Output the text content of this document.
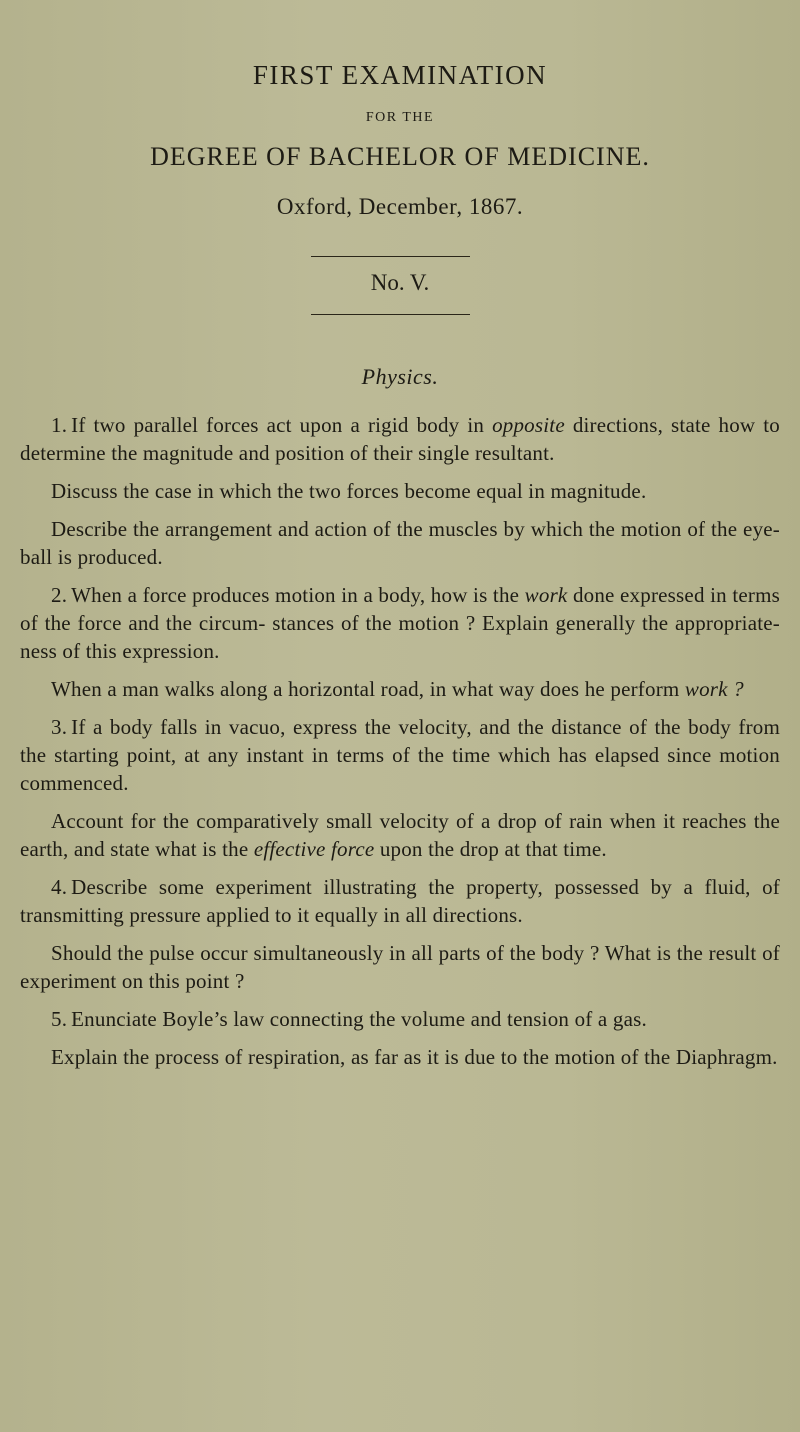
FIRST EXAMINATION
FOR THE
DEGREE OF BACHELOR OF MEDICINE.
Oxford, December, 1867.
No. V.
Physics.

1. If two parallel forces act upon a rigid body in opposite directions, state how to determine the magnitude and position of their single resultant.

Discuss the case in which the two forces become equal in magnitude.

Describe the arrangement and action of the muscles by which the motion of the eye-ball is produced.

2. When a force produces motion in a body, how is the work done expressed in terms of the force and the circum- stances of the motion ? Explain generally the appropriate- ness of this expression.

When a man walks along a horizontal road, in what way does he perform work ?

3. If a body falls in vacuo, express the velocity, and the distance of the body from the starting point, at any instant in terms of the time which has elapsed since motion commenced.

Account for the comparatively small velocity of a drop of rain when it reaches the earth, and state what is the effective force upon the drop at that time.

4. Describe some experiment illustrating the property, possessed by a fluid, of transmitting pressure applied to it equally in all directions.

Should the pulse occur simultaneously in all parts of the body ? What is the result of experiment on this point ?

5. Enunciate Boyle’s law connecting the volume and tension of a gas.

Explain the process of respiration, as far as it is due to the motion of the Diaphragm.
